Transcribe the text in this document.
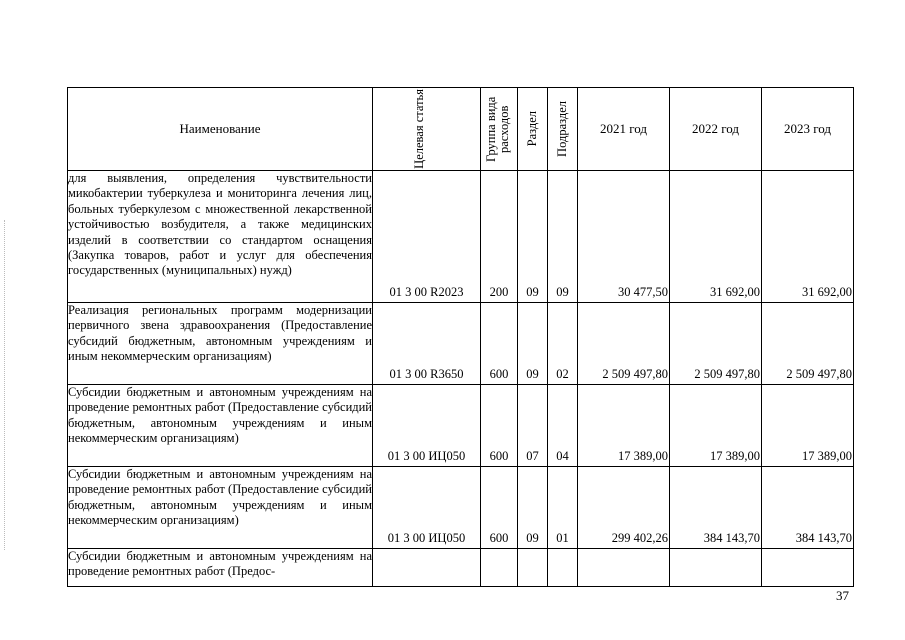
Наименование	Целевая статья	Группа вида расходов	Раздел	Подраздел	2021 год	2022 год	2023 год
для выявления, определения чувствительности микобактерии туберкулеза и мониторинга лечения лиц, больных туберкулезом с множественной лекарственной устойчивостью возбудителя, а также медицинских изделий в соответствии со стандартом оснащения (Закупка товаров, работ и услуг для обеспечения государственных (муниципальных) нужд)	01 3 00 R2023	200	09	09	30 477,50	31 692,00	31 692,00

Реализация региональных программ модернизации первичного звена здравоохранения (Предоставление субсидий бюджетным, автономным учреждениям и иным некоммерческим организациям)	01 3 00 R3650	600	09	02	2 509 497,80	2 509 497,80	2 509 497,80

Субсидии бюджетным и автономным учреждениям на проведение ремонтных работ (Предоставление субсидий бюджетным, автономным учреждениям и иным некоммерческим организациям)	01 3 00 ИЦ050	600	07	04	17 389,00	17 389,00	17 389,00

Субсидии бюджетным и автономным учреждениям на проведение ремонтных работ (Предоставление субсидий бюджетным, автономным учреждениям и иным некоммерческим организациям)	01 3 00 ИЦ050	600	09	01	299 402,26	384 143,70	384 143,70

Субсидии бюджетным и автономным учреждениям на проведение ремонтных работ (Предос-	

37
